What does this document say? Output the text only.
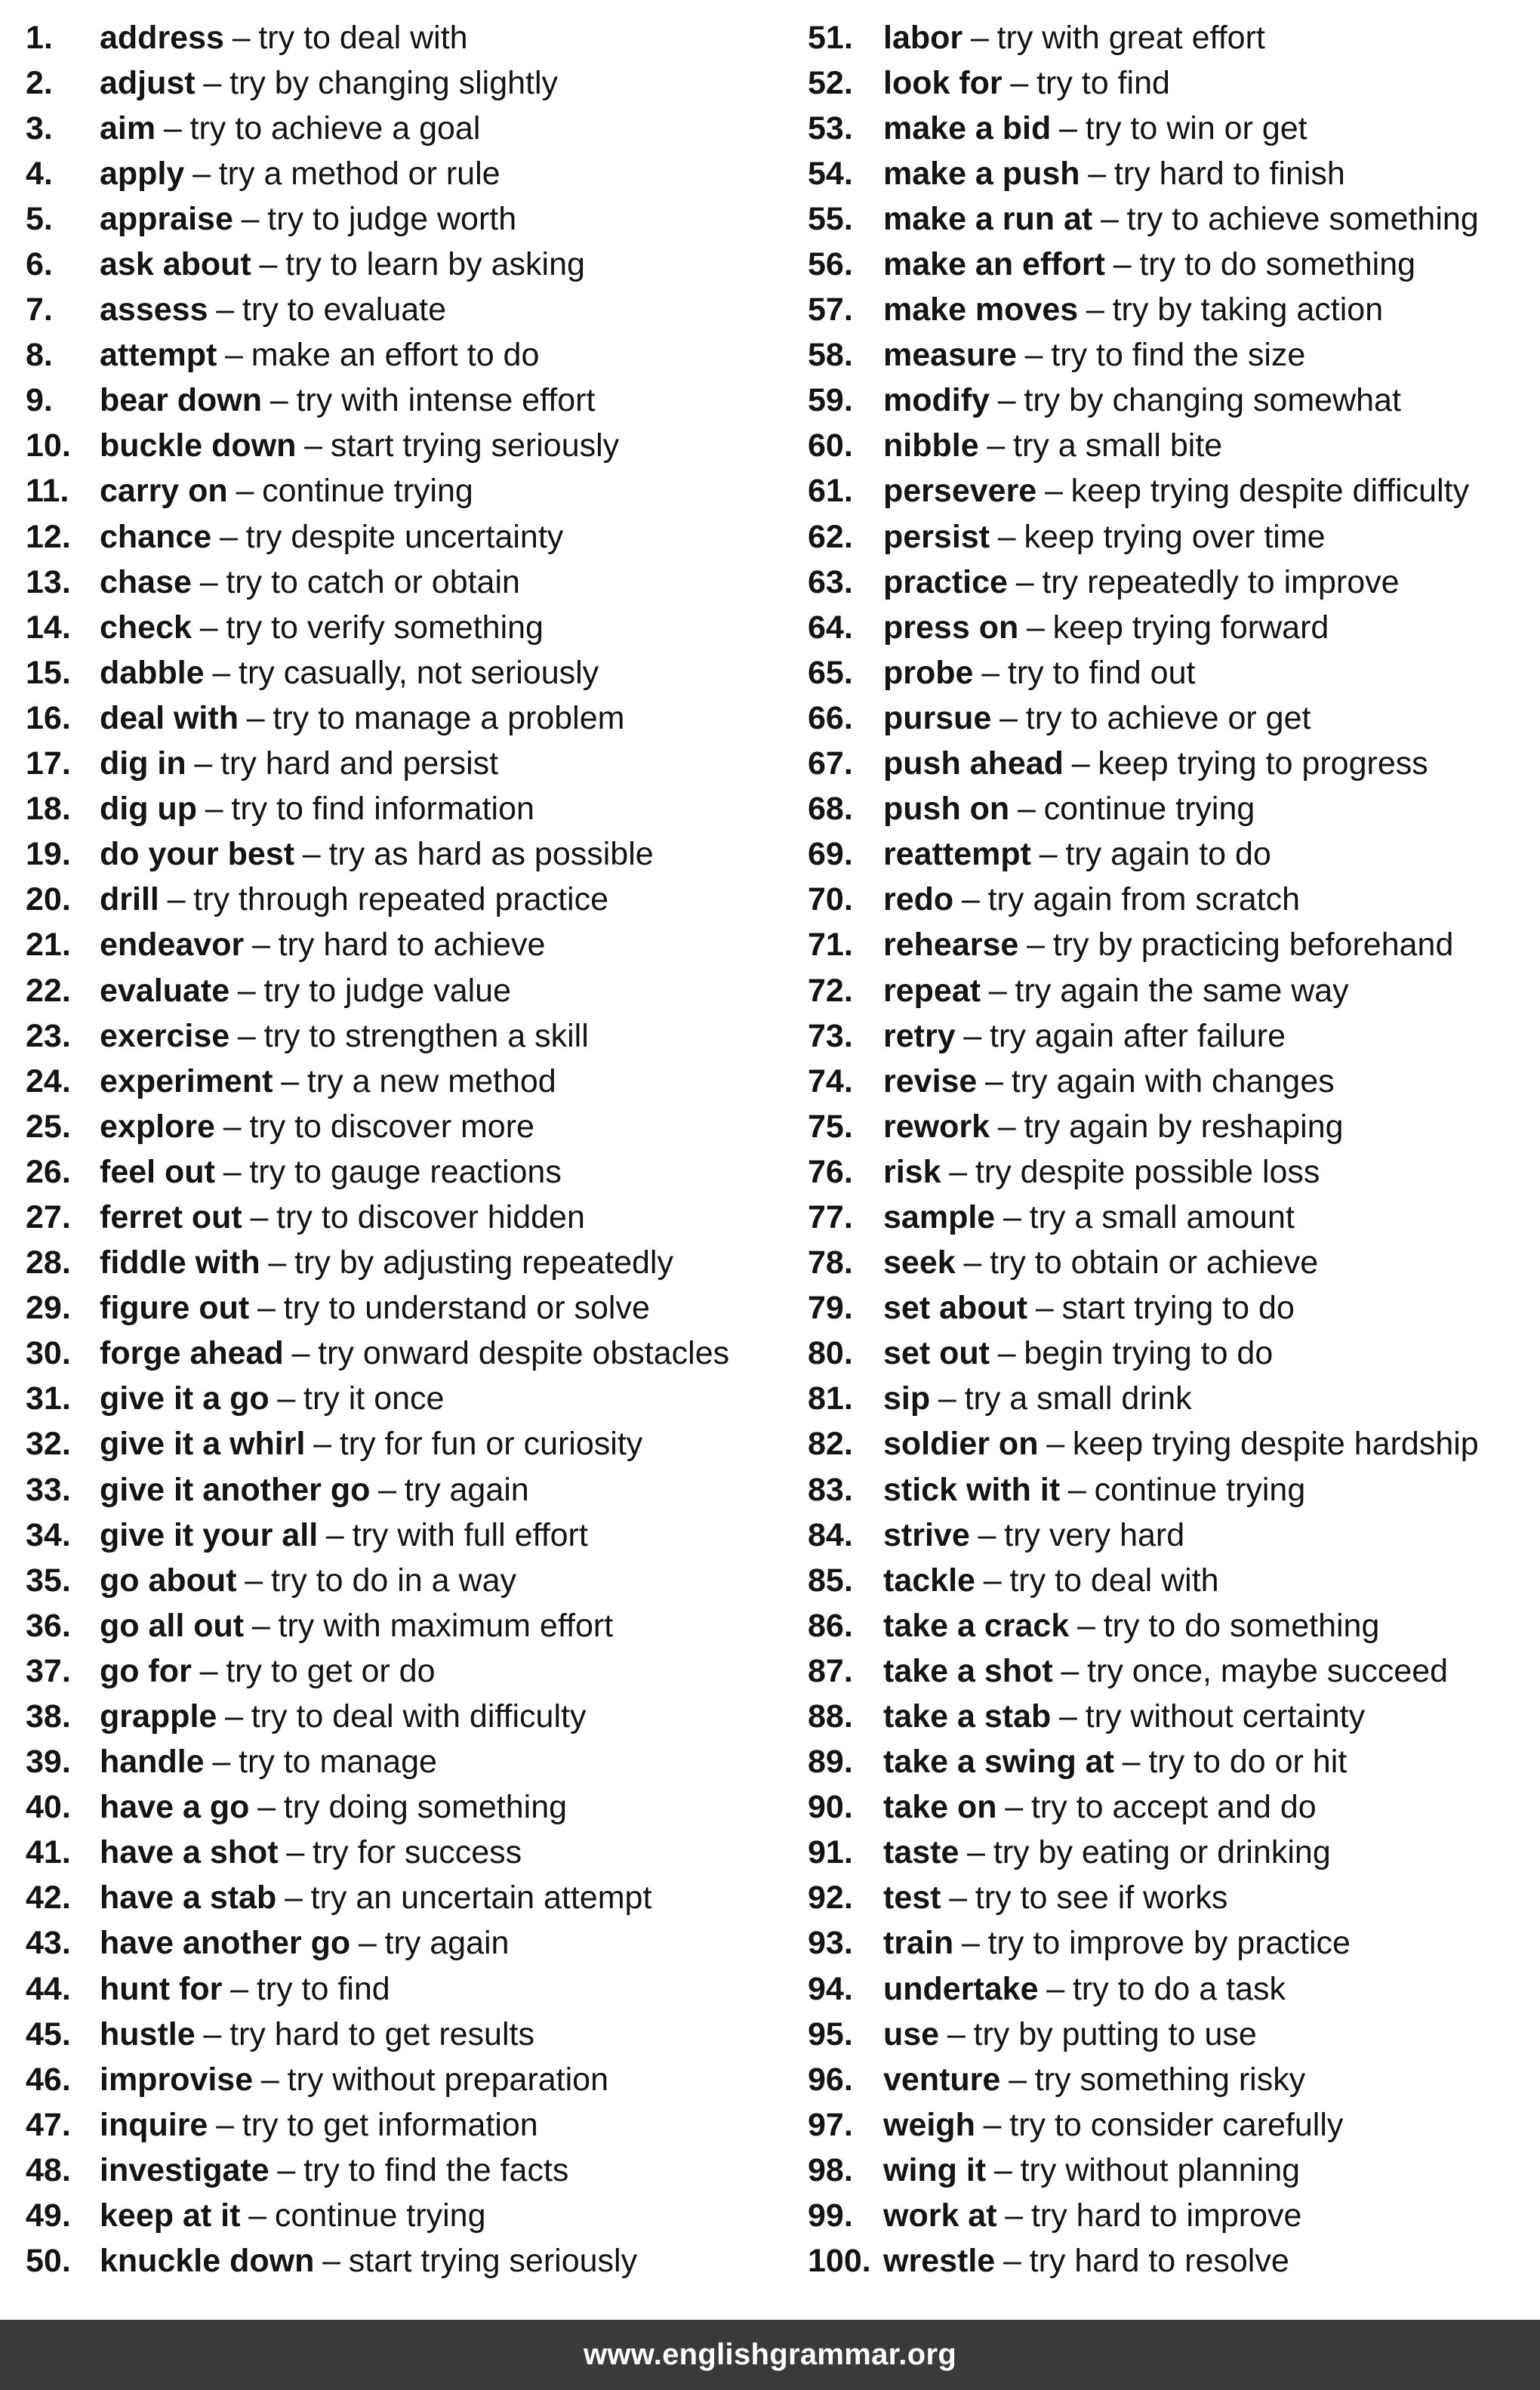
1.	address – try to deal with
2.	adjust – try by changing slightly
3.	aim – try to achieve a goal
4.	apply – try a method or rule
5.	appraise – try to judge worth
6.	ask about – try to learn by asking
7.	assess – try to evaluate
8.	attempt – make an effort to do
9.	bear down – try with intense effort
10. buckle down – start trying seriously
11. carry on – continue trying
12. chance – try despite uncertainty
13. chase – try to catch or obtain
14. check – try to verify something
15. dabble – try casually, not seriously
16. deal with – try to manage a problem
17. dig in – try hard and persist
18. dig up – try to find information
19. do your best – try as hard as possible
20. drill – try through repeated practice
21. endeavor – try hard to achieve
22. evaluate – try to judge value
23. exercise – try to strengthen a skill
24. experiment – try a new method
25. explore – try to discover more
26. feel out – try to gauge reactions
27. ferret out – try to discover hidden
28. fiddle with – try by adjusting repeatedly
29. figure out – try to understand or solve
30. forge ahead – try onward despite obstacles
31. give it a go – try it once
32. give it a whirl – try for fun or curiosity
33. give it another go – try again
34. give it your all – try with full effort
35. go about – try to do in a way
36. go all out – try with maximum effort
37. go for – try to get or do
38. grapple – try to deal with difficulty
39. handle – try to manage
40. have a go – try doing something
41. have a shot – try for success
42. have a stab – try an uncertain attempt
43. have another go – try again
44. hunt for – try to find
45. hustle – try hard to get results
46. improvise – try without preparation
47. inquire – try to get information
48. investigate – try to find the facts
49. keep at it – continue trying
50. knuckle down – start trying seriously
51. labor – try with great effort
52. look for – try to find
53. make a bid – try to win or get
54. make a push – try hard to finish
55. make a run at – try to achieve something
56. make an effort – try to do something
57. make moves – try by taking action
58. measure – try to find the size
59. modify – try by changing somewhat
60. nibble – try a small bite
61. persevere – keep trying despite difficulty
62. persist – keep trying over time
63. practice – try repeatedly to improve
64. press on – keep trying forward
65. probe – try to find out
66. pursue – try to achieve or get
67. push ahead – keep trying to progress
68. push on – continue trying
69. reattempt – try again to do
70. redo – try again from scratch
71. rehearse – try by practicing beforehand
72. repeat – try again the same way
73. retry – try again after failure
74. revise – try again with changes
75. rework – try again by reshaping
76. risk – try despite possible loss
77. sample – try a small amount
78. seek – try to obtain or achieve
79. set about – start trying to do
80. set out – begin trying to do
81. sip – try a small drink
82. soldier on – keep trying despite hardship
83. stick with it – continue trying
84. strive – try very hard
85. tackle – try to deal with
86. take a crack – try to do something
87. take a shot – try once, maybe succeed
88. take a stab – try without certainty
89. take a swing at – try to do or hit
90. take on – try to accept and do
91. taste – try by eating or drinking
92. test – try to see if works
93. train – try to improve by practice
94. undertake – try to do a task
95. use – try by putting to use
96. venture – try something risky
97. weigh – try to consider carefully
98. wing it – try without planning
99. work at – try hard to improve
100. wrestle – try hard to resolve
www.englishgrammar.org
